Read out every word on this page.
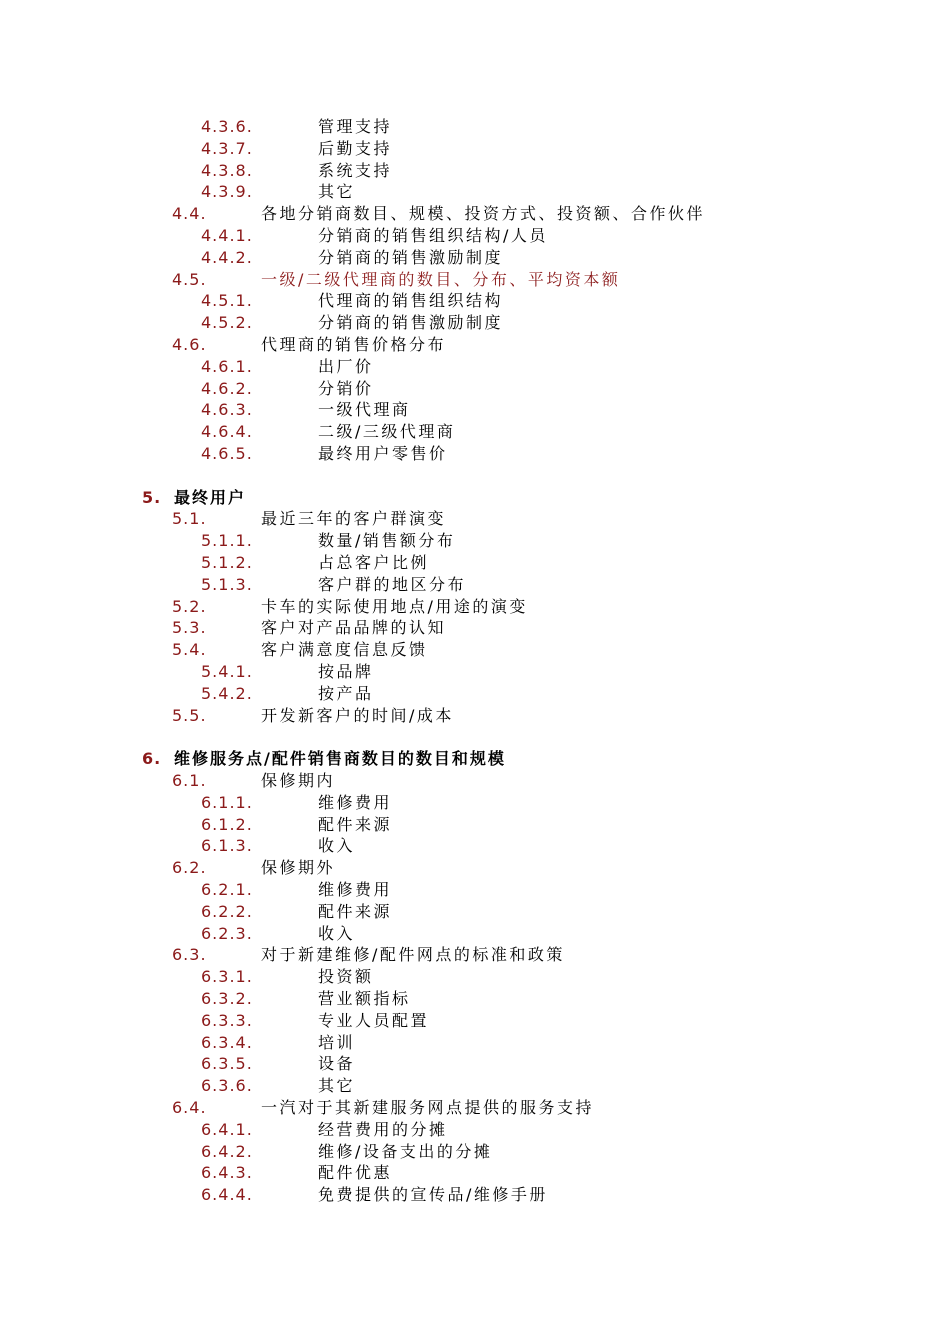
4.3.6.	管理支持
4.3.7.	后勤支持
4.3.8.	系统支持
4.3.9.	其它
4.4.	各地分销商数目、规模、投资方式、投资额、合作伙伴
4.4.1.	分销商的销售组织结构/人员
4.4.2.	分销商的销售激励制度
4.5.	一级/二级代理商的数目、分布、平均资本额
4.5.1.	代理商的销售组织结构
4.5.2.	分销商的销售激励制度
4.6.	代理商的销售价格分布
4.6.1.	出厂价
4.6.2.	分销价
4.6.3.	一级代理商
4.6.4.	二级/三级代理商
4.6.5.	最终用户零售价
5. 最终用户
5.1.	最近三年的客户群演变
5.1.1.	数量/销售额分布
5.1.2.	占总客户比例
5.1.3.	客户群的地区分布
5.2.	卡车的实际使用地点/用途的演变
5.3.	客户对产品品牌的认知
5.4.	客户满意度信息反馈
5.4.1.	按品牌
5.4.2.	按产品
5.5.	开发新客户的时间/成本
6. 维修服务点/配件销售商数目的数目和规模
6.1.	保修期内
6.1.1.	维修费用
6.1.2.	配件来源
6.1.3.	收入
6.2.	保修期外
6.2.1.	维修费用
6.2.2.	配件来源
6.2.3.	收入
6.3.	对于新建维修/配件网点的标准和政策
6.3.1.	投资额
6.3.2.	营业额指标
6.3.3.	专业人员配置
6.3.4.	培训
6.3.5.	设备
6.3.6.	其它
6.4.	一汽对于其新建服务网点提供的服务支持
6.4.1.	经营费用的分摊
6.4.2.	维修/设备支出的分摊
6.4.3.	配件优惠
6.4.4.	免费提供的宣传品/维修手册
